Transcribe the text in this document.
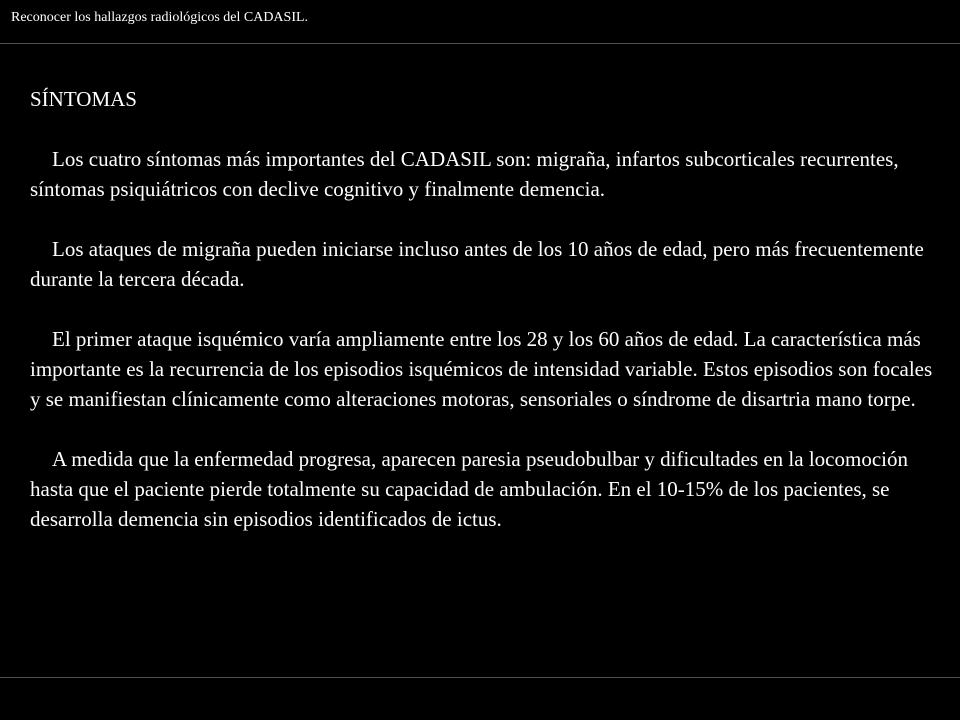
Reconocer los hallazgos radiológicos del CADASIL.

SÍNTOMAS

Los cuatro síntomas más importantes del CADASIL son: migraña, infartos subcorticales recurrentes, síntomas psiquiátricos con declive cognitivo y finalmente demencia.

Los ataques de migraña pueden iniciarse incluso antes de los 10 años de edad, pero más frecuentemente durante la tercera década.

El primer ataque isquémico varía ampliamente entre los 28 y los 60 años de edad. La característica más importante es la recurrencia de los episodios isquémicos de intensidad variable. Estos episodios son focales y se manifiestan clínicamente como alteraciones motoras, sensoriales o síndrome de disartria mano torpe.

A medida que la enfermedad progresa, aparecen paresia pseudobulbar y dificultades en la locomoción hasta que el paciente pierde totalmente su capacidad de ambulación. En el 10-15% de los pacientes, se desarrolla demencia sin episodios identificados de ictus.
